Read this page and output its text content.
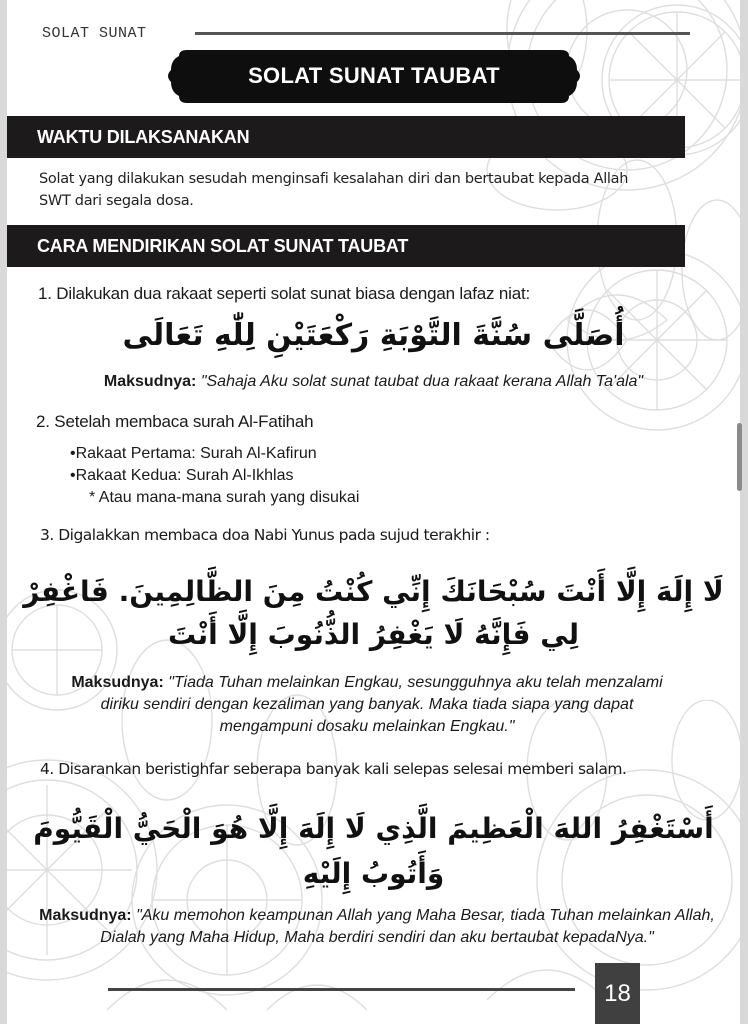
SOLAT SUNAT
SOLAT SUNAT TAUBAT
WAKTU DILAKSANAKAN
Solat yang dilakukan sesudah menginsafi kesalahan diri dan bertaubat kepada Allah SWT dari segala dosa.
CARA MENDIRIKAN SOLAT SUNAT TAUBAT
1. Dilakukan dua rakaat seperti solat sunat biasa dengan lafaz niat:
أُصَلَّى سُنَّةَ التَّوْبَةِ رَكْعَتَيْنِ لِلّٰهِ تَعَالَى
Maksudnya: "Sahaja Aku solat sunat taubat dua rakaat kerana Allah Ta'ala"
2. Setelah membaca surah Al-Fatihah
•Rakaat Pertama: Surah Al-Kafirun
•Rakaat Kedua: Surah Al-Ikhlas
* Atau mana-mana surah yang disukai
3. Digalakkan membaca doa Nabi Yunus pada sujud terakhir :
لَا إِلَهَ إِلَّا أَنْتَ سُبْحَانَكَ إِنِّي كُنْتُ مِنَ الظَّالِمِينَ. فَاغْفِرْ
لِي فَإِنَّهُ لَا يَغْفِرُ الذُّنُوبَ إِلَّا أَنْتَ
Maksudnya: "Tiada Tuhan melainkan Engkau, sesungguhnya aku telah menzalami diriku sendiri dengan kezaliman yang banyak. Maka tiada siapa yang dapat mengampuni dosaku melainkan Engkau."
4. Disarankan beristighfar seberapa banyak kali selepas selesai memberi salam.
أَسْتَغْفِرُ اللهَ الْعَظِيمَ الَّذِي لَا إِلَهَ إِلَّا هُوَ الْحَيُّ الْقَيُّومَ
وَأَتُوبُ إِلَيْهِ
Maksudnya: "Aku memohon keampunan Allah yang Maha Besar, tiada Tuhan melainkan Allah, Dialah yang Maha Hidup, Maha berdiri sendiri dan aku bertaubat kepadaNya."
18
